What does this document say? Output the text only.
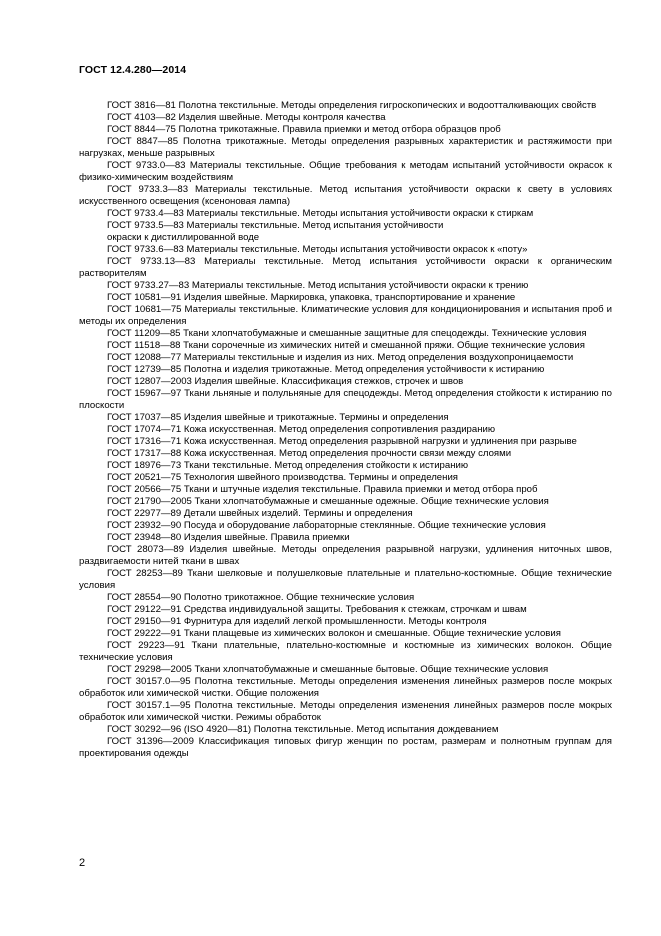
ГОСТ 12.4.280—2014

ГОСТ 3816—81 Полотна текстильные. Методы определения гигроскопических и водоотталкивающих свойств

ГОСТ 4103—82 Изделия швейные. Методы контроля качества

ГОСТ 8844—75 Полотна трикотажные. Правила приемки и метод отбора образцов проб

ГОСТ 8847—85 Полотна трикотажные. Методы определения разрывных характеристик и растяжимости при нагрузках, меньше разрывных

ГОСТ 9733.0—83 Материалы текстильные. Общие требования к методам испытаний устойчивости окрасок к физико-химическим воздействиям

ГОСТ 9733.3—83 Материалы текстильные. Метод испытания устойчивости окраски к свету в условиях искусственного освещения (ксеноновая лампа)

ГОСТ 9733.4—83 Материалы текстильные. Методы испытания устойчивости окраски к стиркам

ГОСТ 9733.5—83 Материалы текстильные. Метод испытания устойчивости

окраски к дистиллированной воде

ГОСТ 9733.6—83 Материалы текстильные. Методы испытания устойчивости окрасок к «поту»

ГОСТ 9733.13—83 Материалы текстильные. Метод испытания устойчивости окраски к органическим растворителям

ГОСТ 9733.27—83 Материалы текстильные. Метод испытания устойчивости окраски к трению

ГОСТ 10581—91 Изделия швейные. Маркировка, упаковка, транспортирование и хранение

ГОСТ 10681—75 Материалы текстильные. Климатические условия для кондиционирования и испытания проб и методы их определения

ГОСТ 11209—85 Ткани хлопчатобумажные и смешанные защитные для спецодежды. Технические условия

ГОСТ 11518—88 Ткани сорочечные из химических нитей и смешанной пряжи. Общие технические условия

ГОСТ 12088—77 Материалы текстильные и изделия из них. Метод определения воздухопроницаемости

ГОСТ 12739—85 Полотна и изделия трикотажные. Метод определения устойчивости к истиранию

ГОСТ 12807—2003 Изделия швейные. Классификация стежков, строчек и швов

ГОСТ 15967—97 Ткани льняные и полульняные для спецодежды. Метод определения стойкости к истиранию по плоскости

ГОСТ 17037—85 Изделия швейные и трикотажные. Термины и определения

ГОСТ 17074—71 Кожа искусственная. Метод определения сопротивления раздиранию

ГОСТ 17316—71 Кожа искусственная. Метод определения разрывной нагрузки и удлинения при разрыве

ГОСТ 17317—88 Кожа искусственная. Метод определения прочности связи между слоями

ГОСТ 18976—73 Ткани текстильные. Метод определения стойкости к истиранию

ГОСТ 20521—75 Технология швейного производства. Термины и определения

ГОСТ 20566—75 Ткани и штучные изделия текстильные. Правила приемки и метод отбора проб

ГОСТ 21790—2005 Ткани хлопчатобумажные и смешанные одежные. Общие технические условия

ГОСТ 22977—89 Детали швейных изделий. Термины и определения

ГОСТ 23932—90 Посуда и оборудование лабораторные стеклянные. Общие технические условия

ГОСТ 23948—80 Изделия швейные. Правила приемки

ГОСТ 28073—89 Изделия швейные. Методы определения разрывной нагрузки, удлинения ниточных швов, раздвигаемости нитей ткани в швах

ГОСТ 28253—89 Ткани шелковые и полушелковые плательные и плательно-костюмные. Общие технические условия

ГОСТ 28554—90 Полотно трикотажное. Общие технические условия

ГОСТ 29122—91 Средства индивидуальной защиты. Требования к стежкам, строчкам и швам

ГОСТ 29150—91 Фурнитура для изделий легкой промышленности. Методы контроля

ГОСТ 29222—91 Ткани плащевые из химических волокон и смешанные. Общие технические условия

ГОСТ 29223—91 Ткани плательные, плательно-костюмные и костюмные из химических волокон. Общие технические условия

ГОСТ 29298—2005 Ткани хлопчатобумажные и смешанные бытовые. Общие технические условия

ГОСТ 30157.0—95 Полотна текстильные. Методы определения изменения линейных размеров после мокрых обработок или химической чистки. Общие положения

ГОСТ 30157.1—95 Полотна текстильные. Методы определения изменения линейных размеров после мокрых обработок или химической чистки. Режимы обработок

ГОСТ 30292—96 (ISO 4920—81) Полотна текстильные. Метод испытания дождеванием

ГОСТ 31396—2009 Классификация типовых фигур женщин по ростам, размерам и полнотным группам для проектирования одежды

2
